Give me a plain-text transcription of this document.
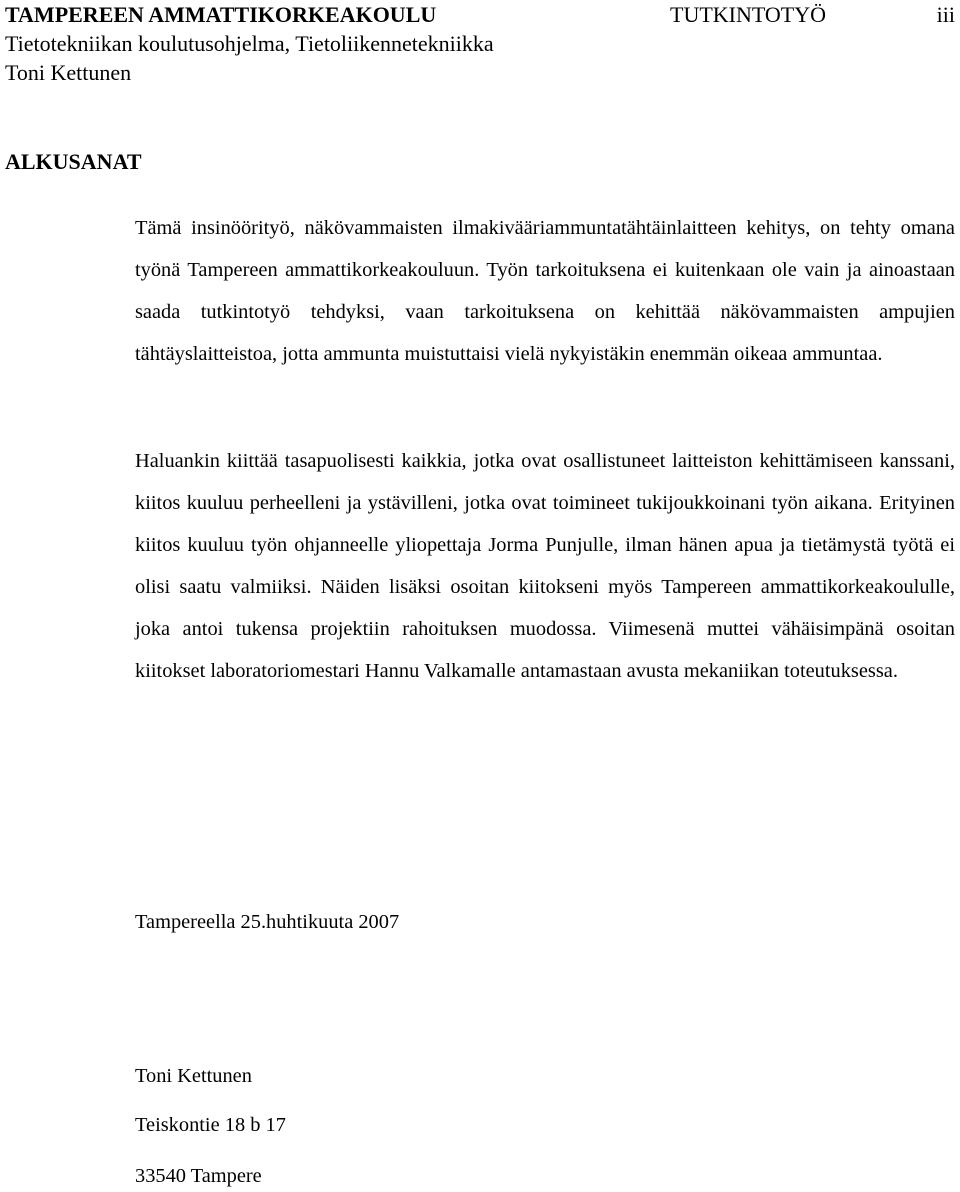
TAMPEREEN AMMATTIKORKEAKOULU	TUTKINTOTYÖ	iii
Tietotekniikan koulutusohjelma, Tietoliikennetekniikka
Toni Kettunen
ALKUSANAT

Tämä insinöörityö, näkövammaisten ilmakivääriammuntatähtäinlaitteen kehitys, on tehty omana työnä Tampereen ammattikorkeakouluun. Työn tarkoituksena ei kuitenkaan ole vain ja ainoastaan saada tutkintotyö tehdyksi, vaan tarkoituksena on kehittää näkövammaisten ampujien tähtäyslaitteistoa, jotta ammunta muistuttaisi vielä nykyistäkin enemmän oikeaa ammuntaa.

Haluankin kiittää tasapuolisesti kaikkia, jotka ovat osallistuneet laitteiston kehittämiseen kanssani, kiitos kuuluu perheelleni ja ystävilleni, jotka ovat toimineet tukijoukkoinani työn aikana. Erityinen kiitos kuuluu työn ohjanneelle yliopettaja Jorma Punjulle, ilman hänen apua ja tietämystä työtä ei olisi saatu valmiiksi. Näiden lisäksi osoitan kiitokseni myös Tampereen ammattikorkeakoululle, joka antoi tukensa projektiin rahoituksen muodossa. Viimesenä muttei vähäisimpänä osoitan kiitokset laboratoriomestari Hannu Valkamalle antamastaan avusta mekaniikan toteutuksessa.

Tampereella 25.huhtikuuta 2007
Toni Kettunen
Teiskontie 18 b 17
33540 Tampere
